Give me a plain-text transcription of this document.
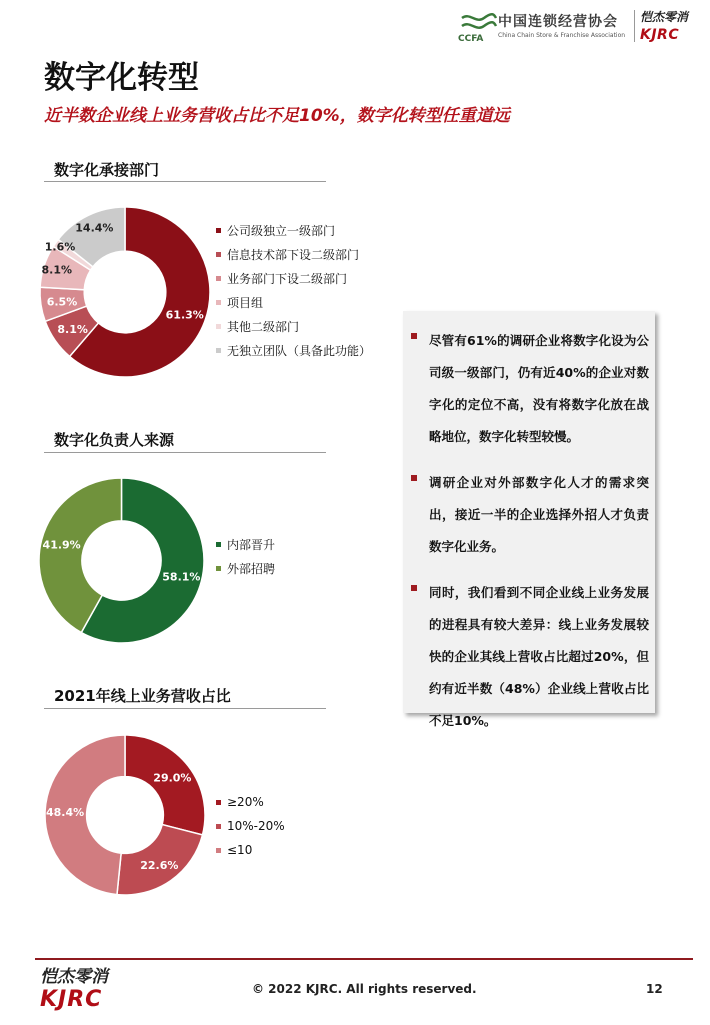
中国连锁经营协会
China Chain Store & Franchise Association
CCFA
恺杰零消
KJRC
数字化转型
近半数企业线上业务营收占比不足10%，数字化转型任重道远
数字化承接部门
61.3%
8.1%
6.5%
8.1%
1.6%
14.4%	公司级独立一级部门
信息技术部下设二级部门
业务部门下设二级部门
项目组
其他二级部门
无独立团队（具备此功能）
数字化负责人来源
58.1%
41.9%	内部晋升
外部招聘
2021年线上业务营收占比
29.0%
22.6%
48.4%
≥20%
10%-20%
≤10
尽管有61%的调研企业将数字化设为公司级一级部门，仍有近40%的企业对数字化的定位不高，没有将数字化放在战略地位，数字化转型较慢。
调研企业对外部数字化人才的需求突出，接近一半的企业选择外招人才负责数字化业务。
同时，我们看到不同企业线上业务发展的进程具有较大差异：线上业务发展较快的企业其线上营收占比超过20%，但约有近半数（48%）企业线上营收占比不足10%。
恺杰零消
KJRC	© 2022 KJRC. All rights reserved.	12
